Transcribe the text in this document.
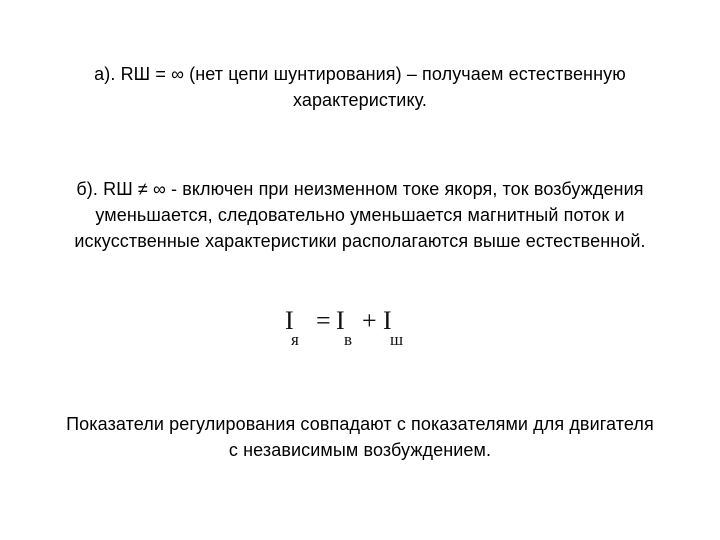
а). RШ = ∞ (нет цепи шунтирования) – получаем естественную
характеристику.
б). RШ ≠ ∞ - включен при неизменном токе якоря, ток возбуждения
уменьшается, следовательно уменьшается магнитный поток и
искусственные характеристики располагаются выше естественной.
I
я
= I
в
+ I
ш
Показатели регулирования совпадают с показателями для двигателя
с независимым возбуждением.
